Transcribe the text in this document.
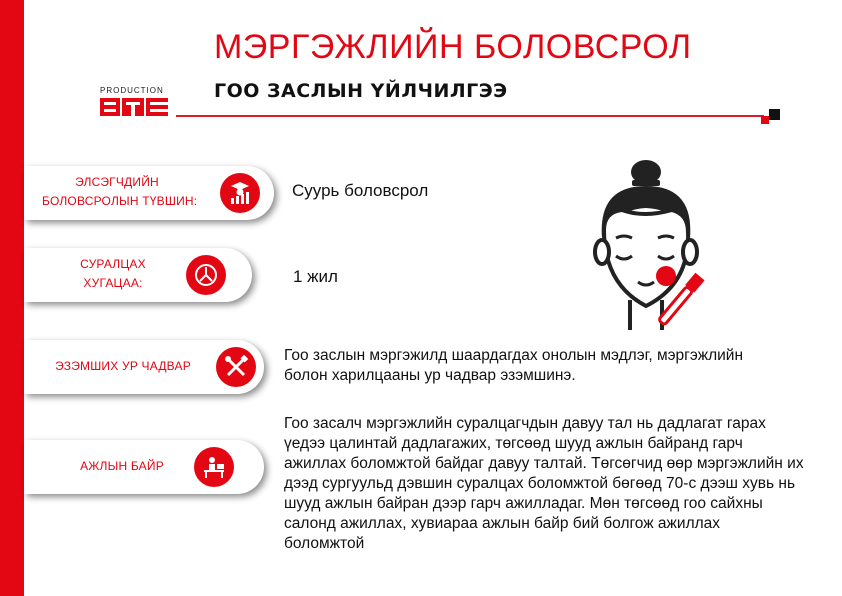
МЭРГЭЖЛИЙН БОЛОВСРОЛ
PRODUCTION	ГОО ЗАСЛЫН ҮЙЛЧИЛГЭЭ
ЭЛСЭГЧДИЙН
БОЛОВСРОЛЫН ТҮВШИН:
Суурь боловсрол
СУРАЛЦАХ
ХУГАЦАА:	1 жил
ЭЗЭМШИХ УР ЧАДВАР
АЖЛЫН БАЙР
Гоо заслын мэргэжилд шаардагдах онолын мэдлэг, мэргэжлийн болон харилцааны ур чадвар эзэмшинэ.
Гоо засалч мэргэжлийн суралцагчдын давуу тал нь дадлагат гарах үедээ цалинтай дадлагажих, төгсөөд шууд ажлын байранд гарч ажиллах боломжтой байдаг давуу талтай. Төгсөгчид өөр мэргэжлийн их дээд сургуульд дэвшин суралцах боломжтой бөгөөд 70-с дээш хувь нь шууд ажлын байран дээр гарч ажилладаг. Мөн төгсөөд гоо сайхны салонд ажиллах, хувиараа ажлын байр бий болгож ажиллах боломжтой
